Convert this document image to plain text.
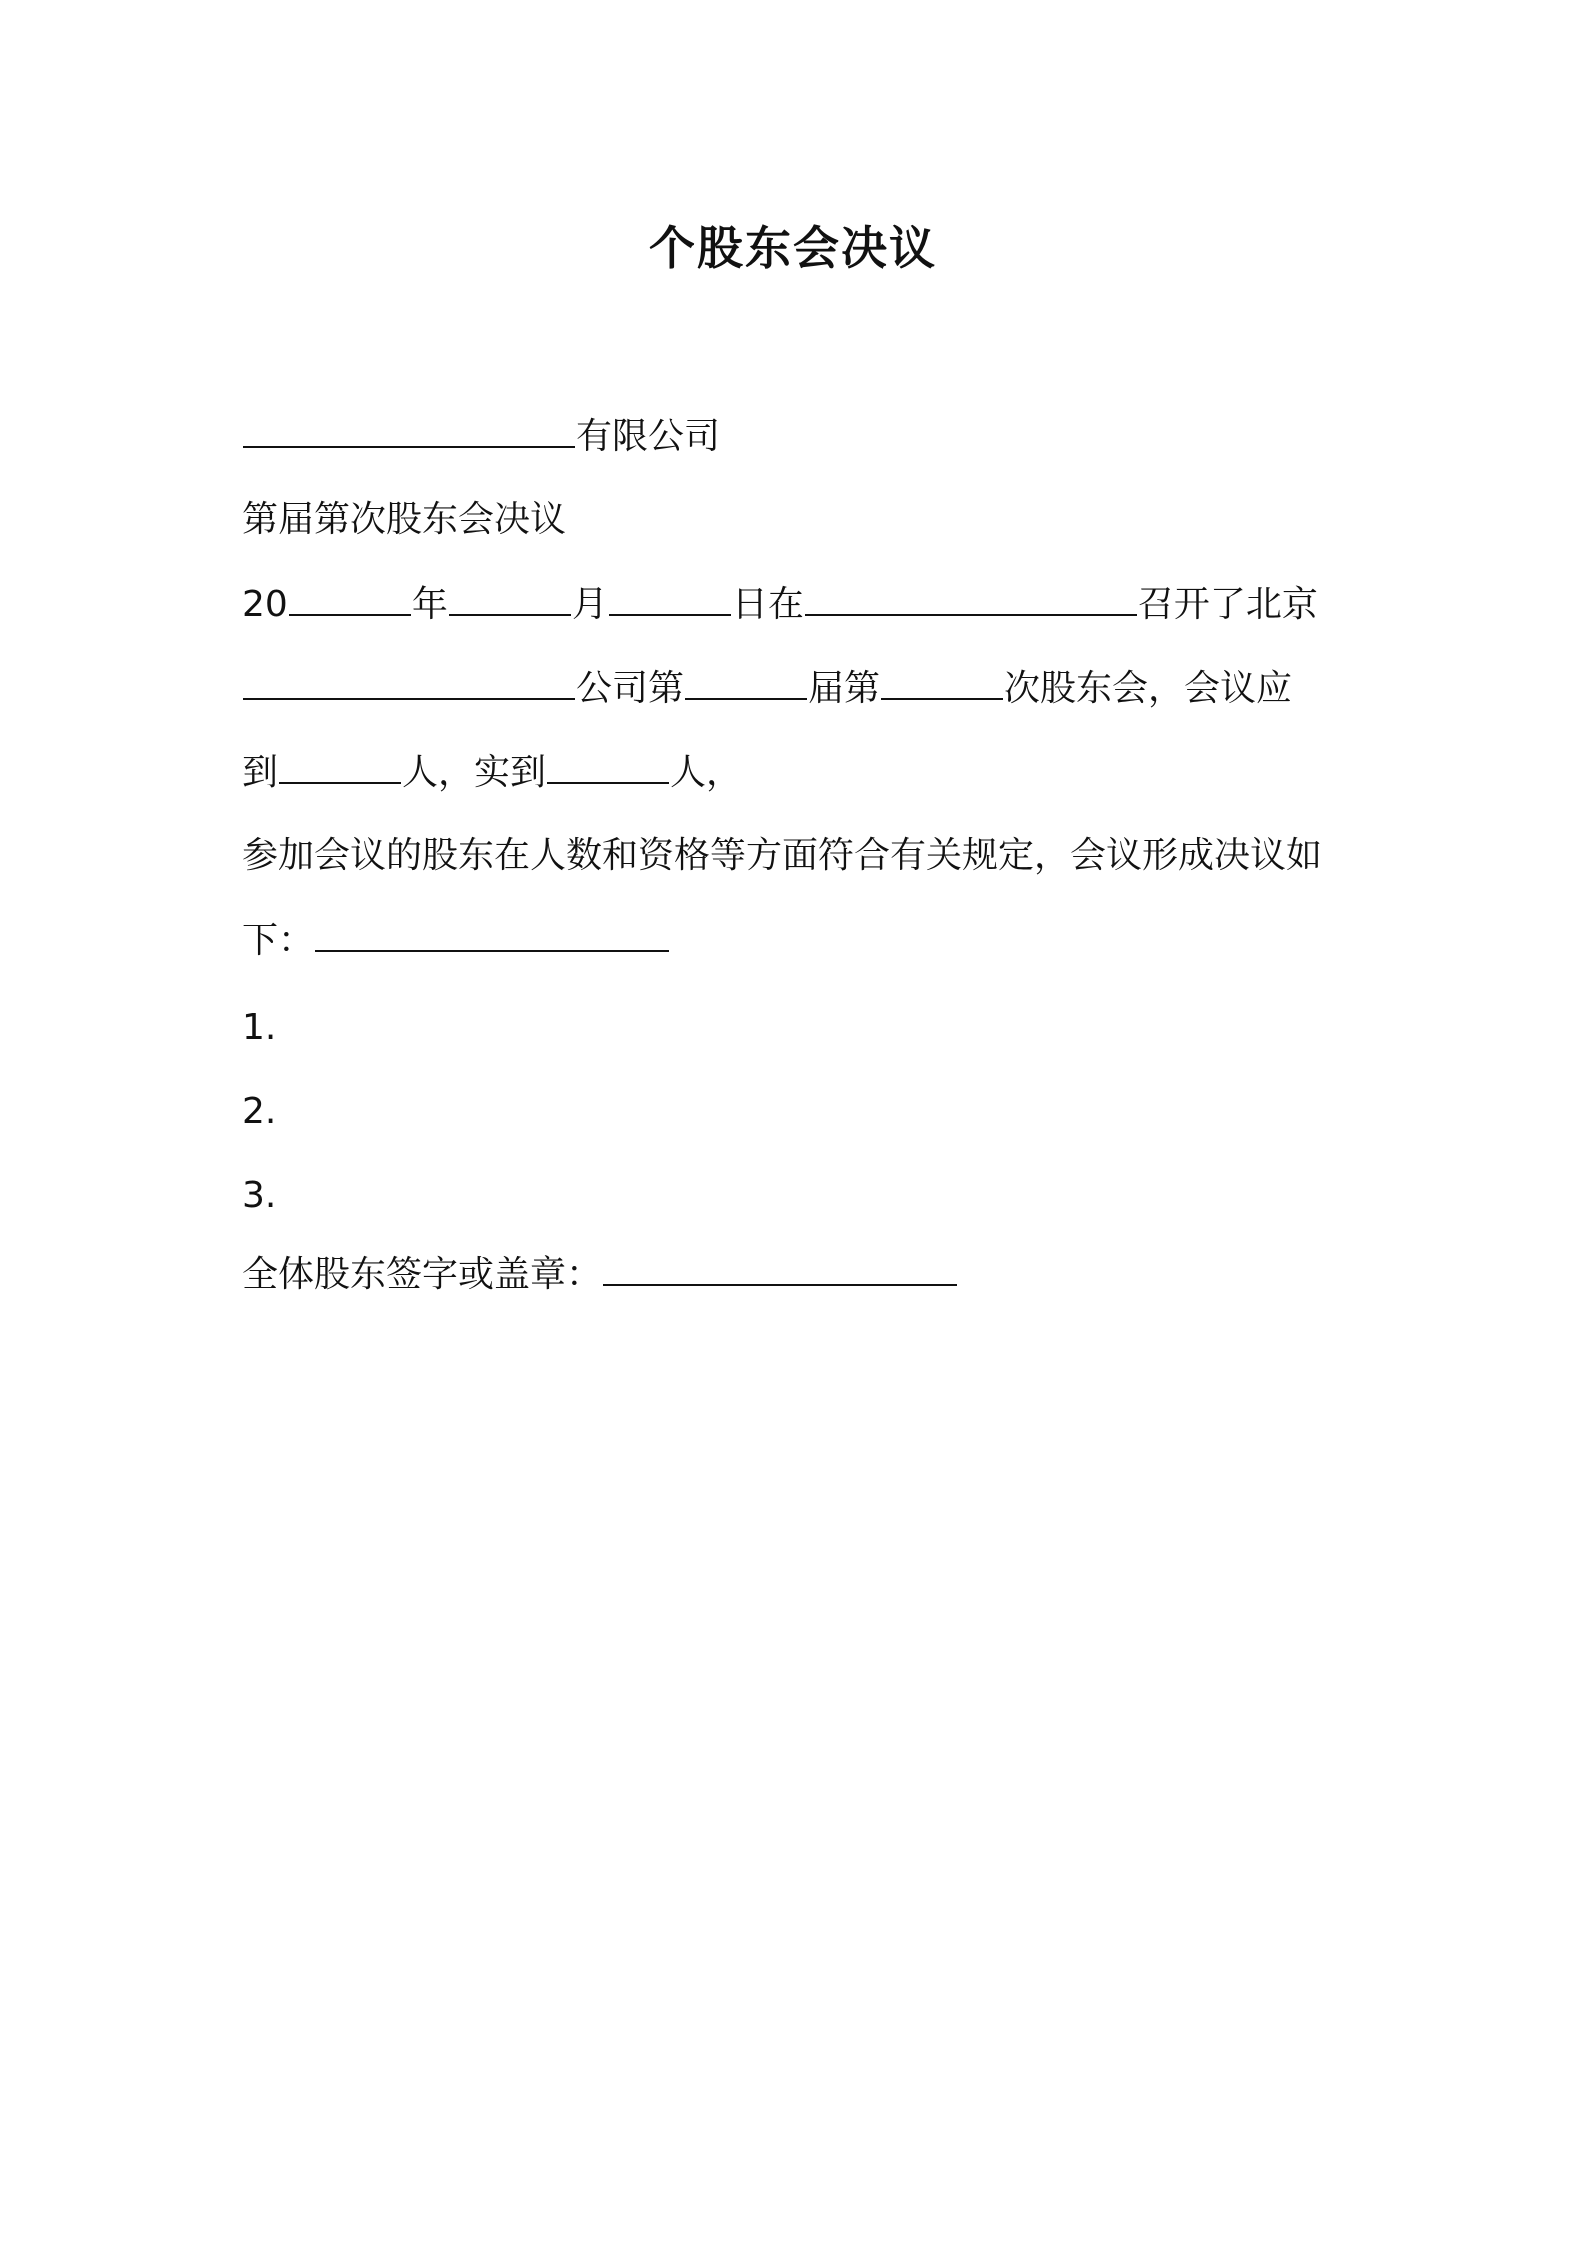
个股东会决议
有限公司
第届第次股东会决议
20	年	月	日在	召开了北京
公司第	届第	次股东会，会议应
到	人，实到	人，
参加会议的股东在人数和资格等方面符合有关规定，会议形成决议如
下：
1.
2.
3.
全体股东签字或盖章：
